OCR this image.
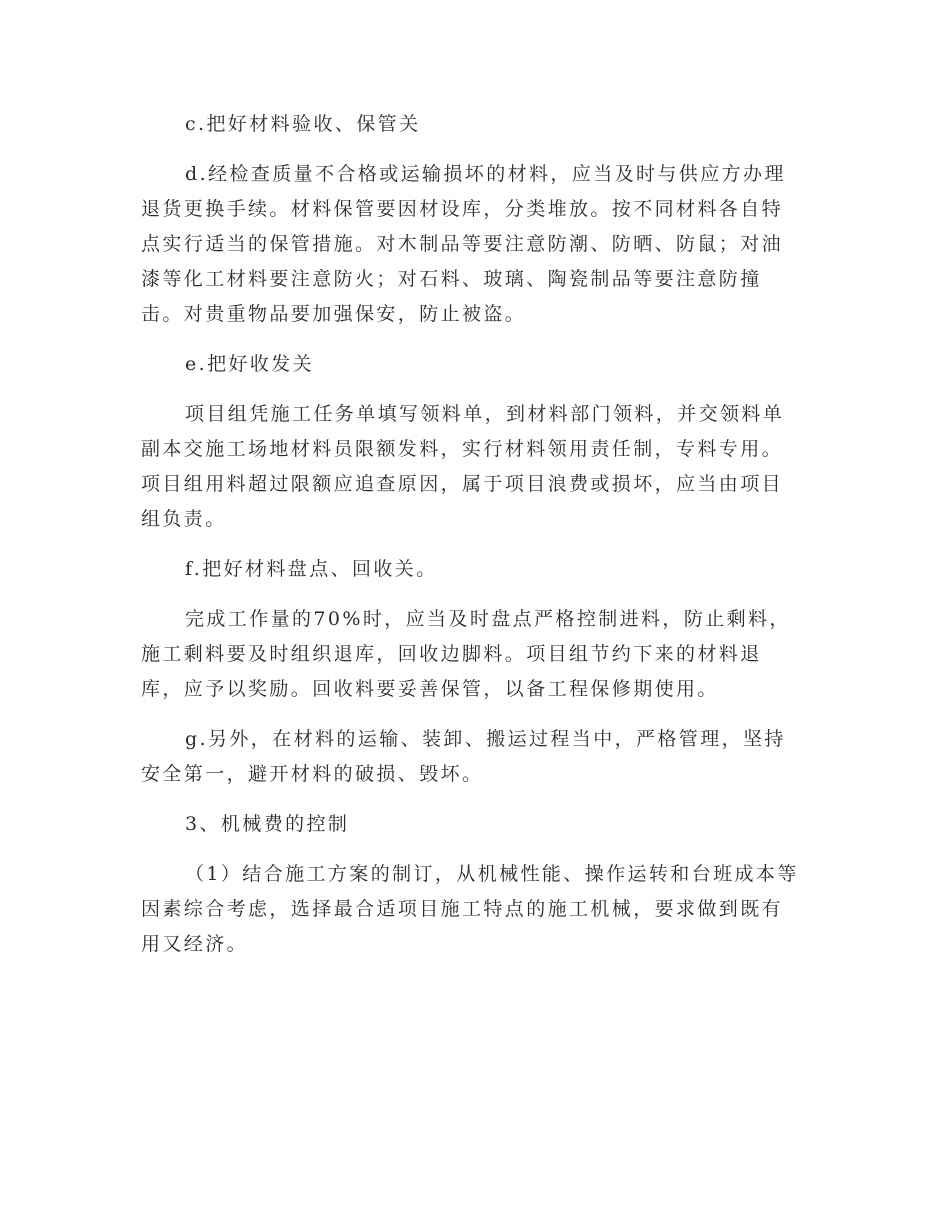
c.把好材料验收、保管关

d.经检查质量不合格或运输损坏的材料，应当及时与供应方办理退货更换手续。材料保管要因材设库，分类堆放。按不同材料各自特点实行适当的保管措施。对木制品等要注意防潮、防晒、防鼠；对油漆等化工材料要注意防火；对石料、玻璃、陶瓷制品等要注意防撞击。对贵重物品要加强保安，防止被盗。

e.把好收发关

项目组凭施工任务单填写领料单，到材料部门领料，并交领料单副本交施工场地材料员限额发料，实行材料领用责任制，专料专用。项目组用料超过限额应追查原因，属于项目浪费或损坏，应当由项目组负责。

f.把好材料盘点、回收关。

完成工作量的70%时，应当及时盘点严格控制进料，防止剩料，施工剩料要及时组织退库，回收边脚料。项目组节约下来的材料退库，应予以奖励。回收料要妥善保管，以备工程保修期使用。

g.另外，在材料的运输、装卸、搬运过程当中，严格管理，坚持安全第一，避开材料的破损、毁坏。

3、机械费的控制

（1）结合施工方案的制订，从机械性能、操作运转和台班成本等因素综合考虑，选择最合适项目施工特点的施工机械，要求做到既有用又经济。
